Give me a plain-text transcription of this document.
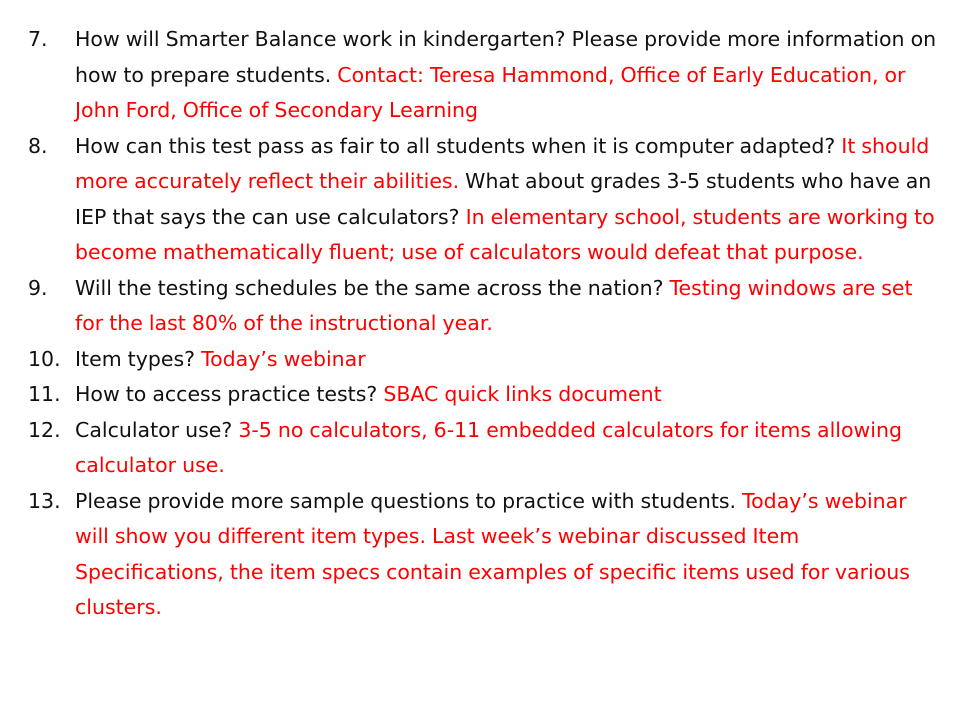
7.	How will Smarter Balance work in kindergarten? Please provide more information on how to prepare students. Contact: Teresa Hammond, Office of Early Education, or John Ford, Office of Secondary Learning
8.	How can this test pass as fair to all students when it is computer adapted? It should more accurately reflect their abilities. What about grades 3-5 students who have an IEP that says the can use calculators? In elementary school, students are working to become mathematically fluent; use of calculators would defeat that purpose.
9.	Will the testing schedules be the same across the nation? Testing windows are set for the last 80% of the instructional year.
10. Item types? Today’s webinar
11. How to access practice tests? SBAC quick links document
12. Calculator use? 3-5 no calculators, 6-11 embedded calculators for items allowing calculator use.
13. Please provide more sample questions to practice with students. Today’s webinar will show you different item types. Last week’s webinar discussed Item Specifications, the item specs contain examples of specific items used for various clusters.
